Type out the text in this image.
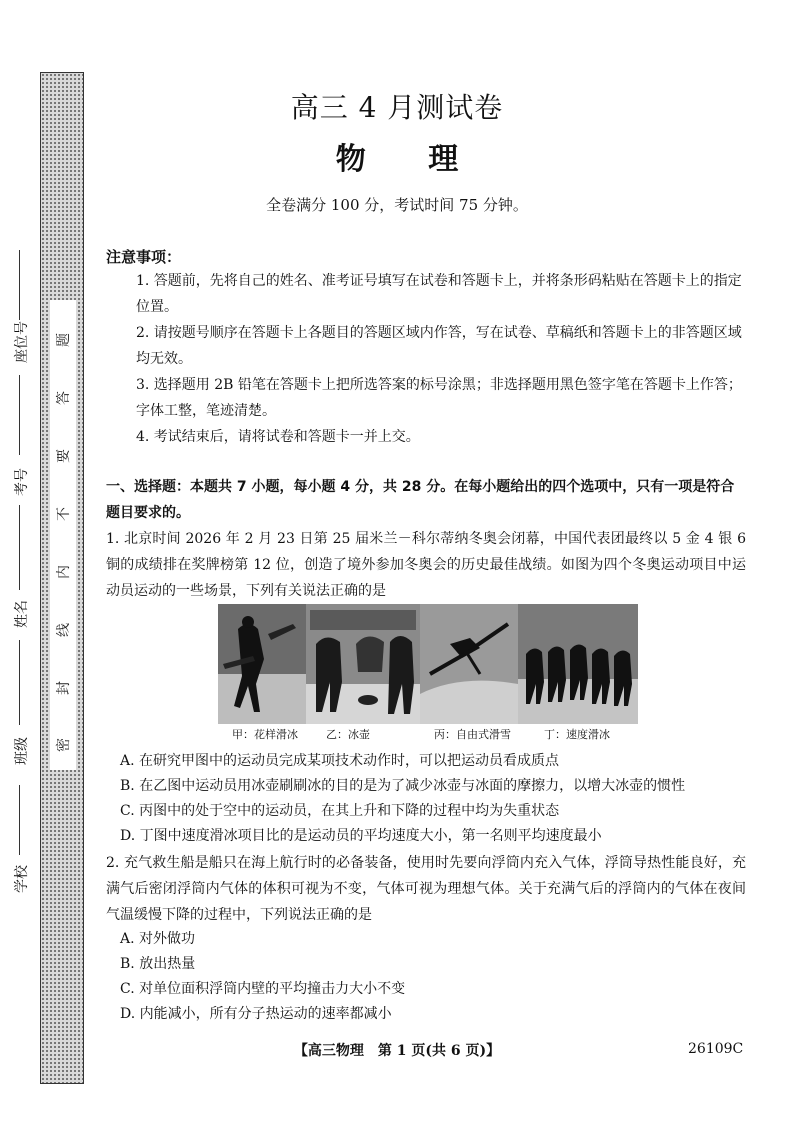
密
封
线
内
不
要
答
题
学校
班级
姓名
考号
座位号
高三 4 月测试卷
物 理
全卷满分 100 分，考试时间 75 分钟。
注意事项：
1. 答题前，先将自己的姓名、准考证号填写在试卷和答题卡上，并将条形码粘贴在答题卡上的指定位置。
2. 请按题号顺序在答题卡上各题目的答题区域内作答，写在试卷、草稿纸和答题卡上的非答题区域均无效。
3. 选择题用 2B 铅笔在答题卡上把所选答案的标号涂黑；非选择题用黑色签字笔在答题卡上作答；字体工整，笔迹清楚。
4. 考试结束后，请将试卷和答题卡一并上交。
一、选择题：本题共 7 小题，每小题 4 分，共 28 分。在每小题给出的四个选项中，只有一项是符合题目要求的。
1. 北京时间 2026 年 2 月 23 日第 25 届米兰－科尔蒂纳冬奥会闭幕，中国代表团最终以 5 金 4 银 6 铜的成绩排在奖牌榜第 12 位，创造了境外参加冬奥会的历史最佳战绩。如图为四个冬奥运动项目中运动员运动的一些场景，下列有关说法正确的是
甲：花样滑冰	乙：冰壶	丙：自由式滑雪	丁：速度滑冰
A. 在研究甲图中的运动员完成某项技术动作时，可以把运动员看成质点
B. 在乙图中运动员用冰壶刷刷冰的目的是为了减少冰壶与冰面的摩擦力，以增大冰壶的惯性
C. 丙图中的处于空中的运动员，在其上升和下降的过程中均为失重状态
D. 丁图中速度滑冰项目比的是运动员的平均速度大小，第一名则平均速度最小
2. 充气救生船是船只在海上航行时的必备装备，使用时先要向浮筒内充入气体，浮筒导热性能良好，充满气后密闭浮筒内气体的体积可视为不变，气体可视为理想气体。关于充满气后的浮筒内的气体在夜间气温缓慢下降的过程中，下列说法正确的是
A. 对外做功
B. 放出热量
C. 对单位面积浮筒内壁的平均撞击力大小不变
D. 内能减小，所有分子热运动的速率都减小
【高三物理　第 1 页(共 6 页)】	26109C
